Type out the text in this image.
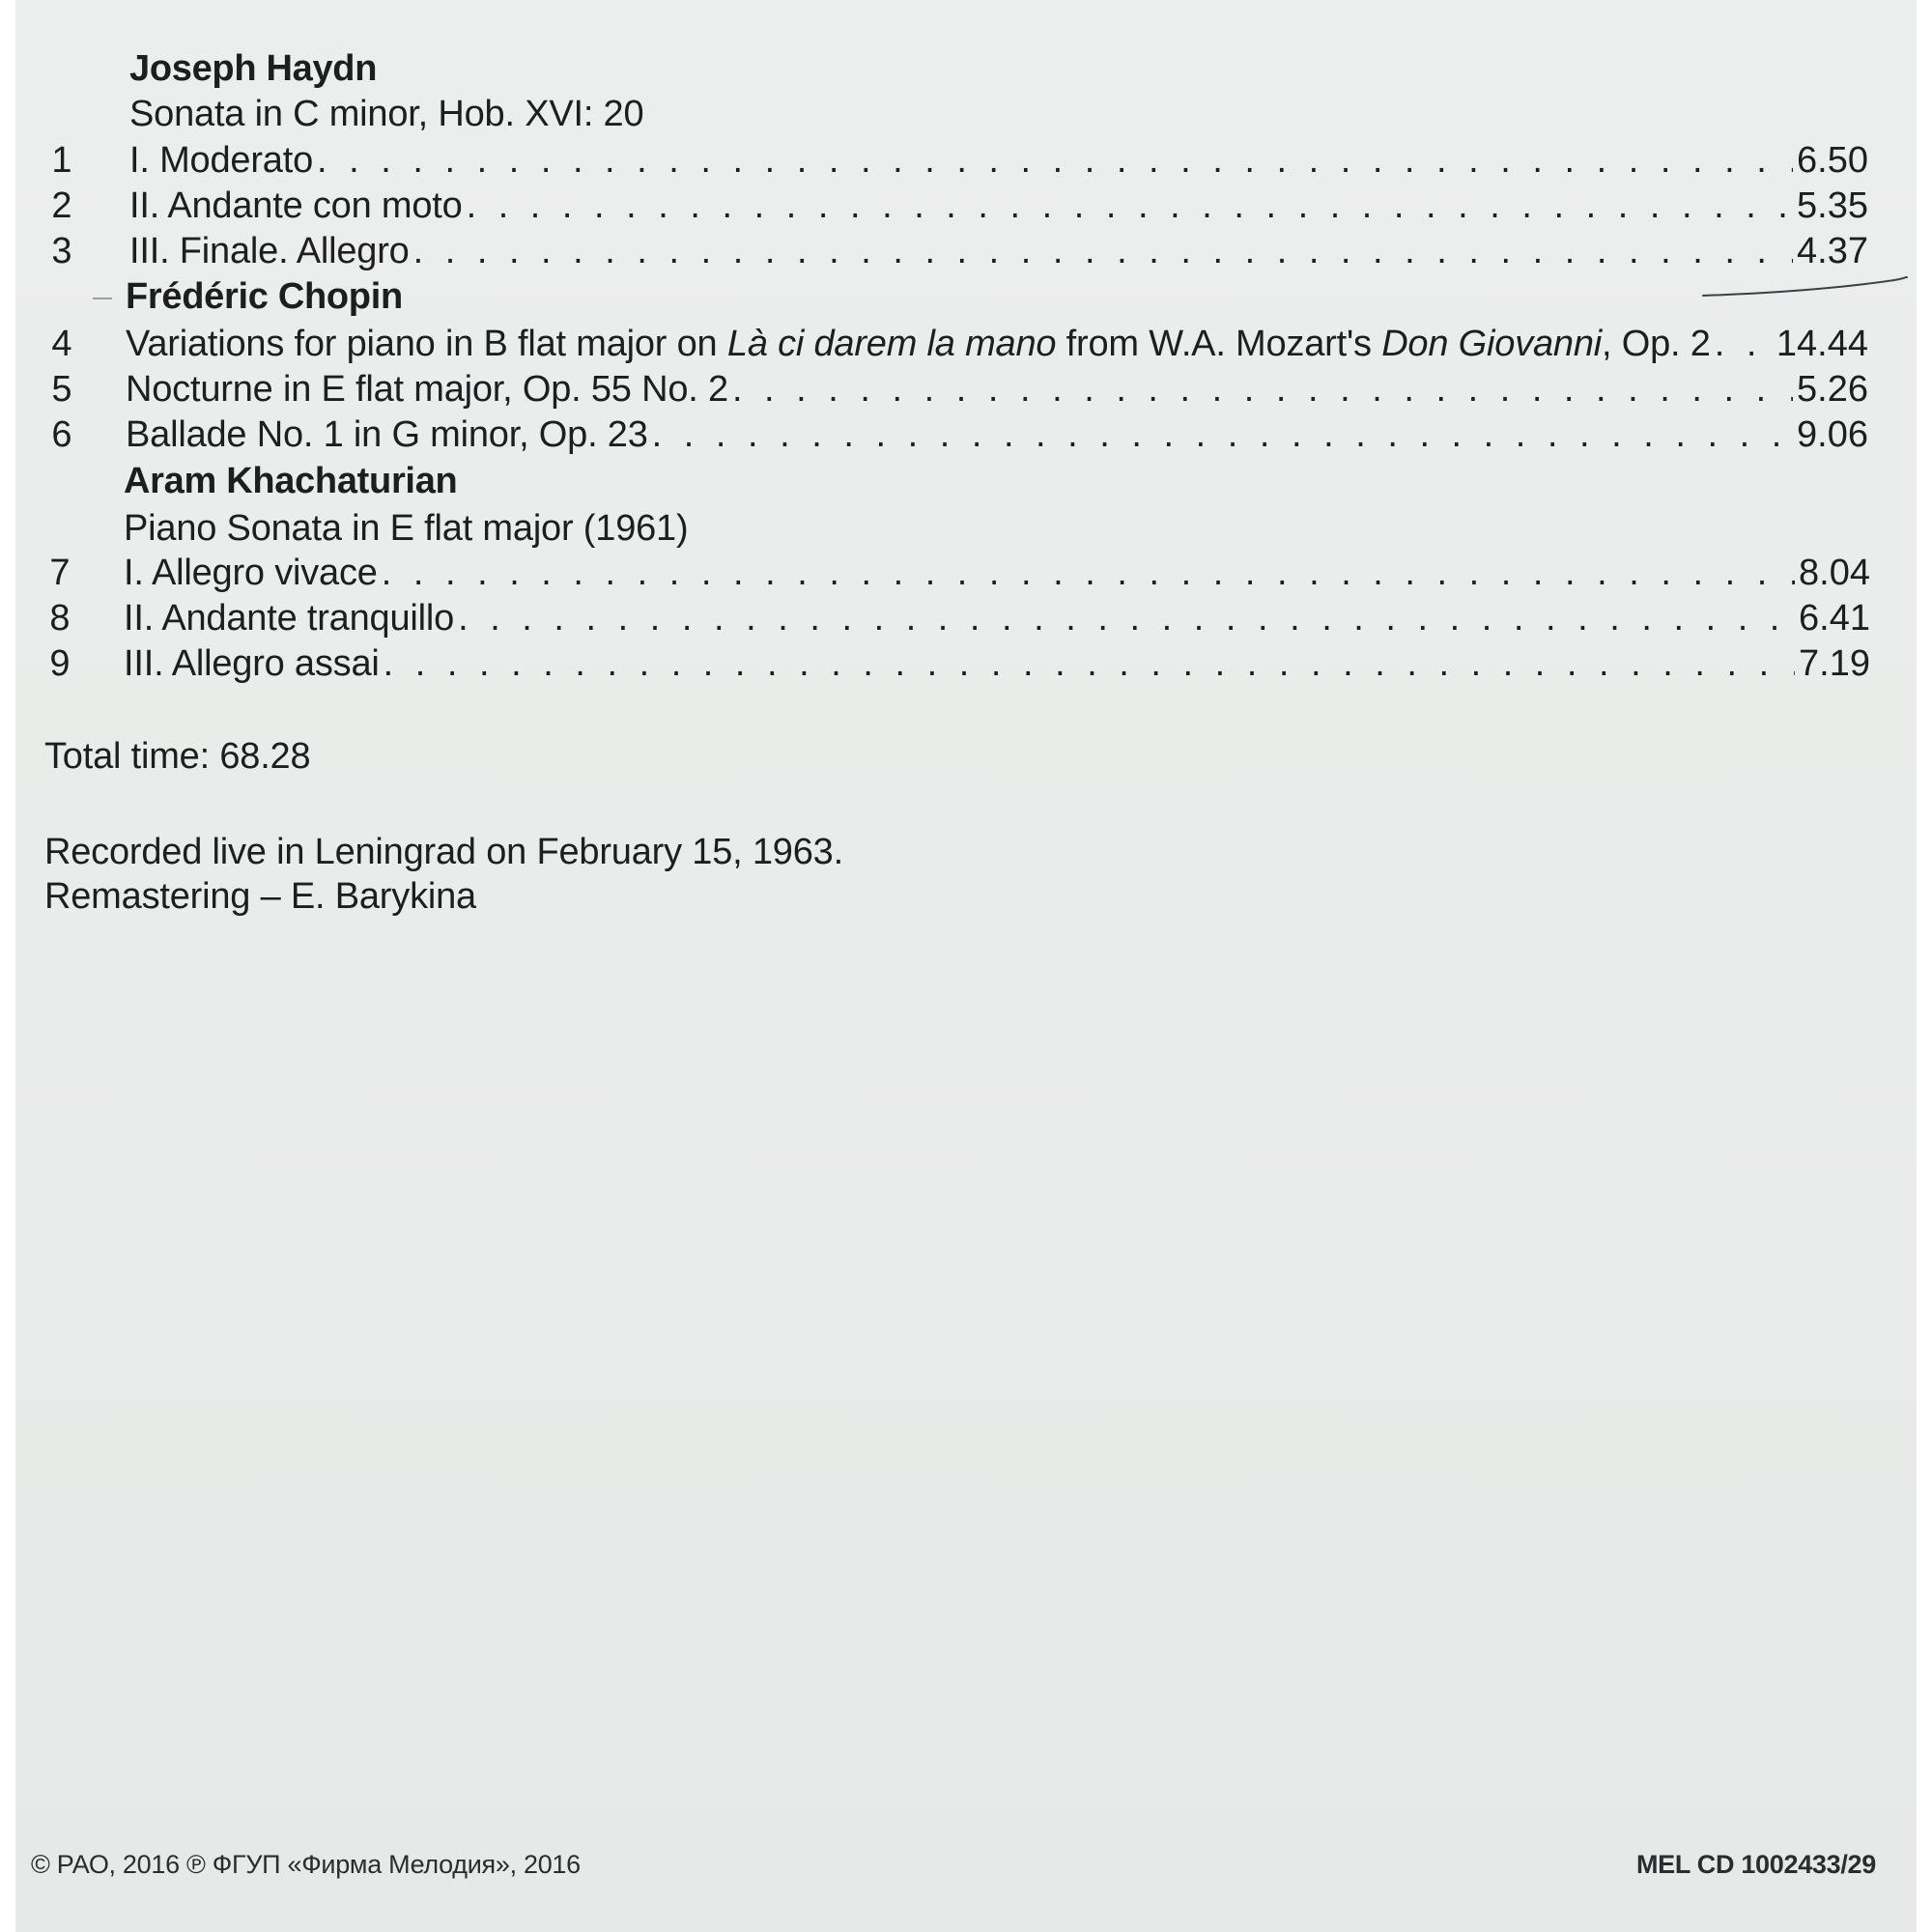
Joseph Haydn
Sonata in C minor, Hob. XVI: 20
1 I. Moderato . . .	6.50
2 II. Andante con moto . . .	5.35
3 III. Finale. Allegro . . .	4.37
Frédéric Chopin
4 Variations for piano in B flat major on Là ci darem la mano from W.A. Mozart's Don Giovanni, Op. 2 . . . 14.44
5 Nocturne in E flat major, Op. 55 No. 2 . . .	5.26
6 Ballade No. 1 in G minor, Op. 23 . . .	9.06
Aram Khachaturian
Piano Sonata in E flat major (1961)
7 I. Allegro vivace . . .	8.04
8 II. Andante tranquillo . . .	6.41
9 III. Allegro assai . . .	7.19
Total time: 68.28
Recorded live in Leningrad on February 15, 1963.
Remastering – E. Barykina
© РАО, 2016 ℗ ФГУП «Фирма Мелодия», 2016	MEL CD 1002433/29
